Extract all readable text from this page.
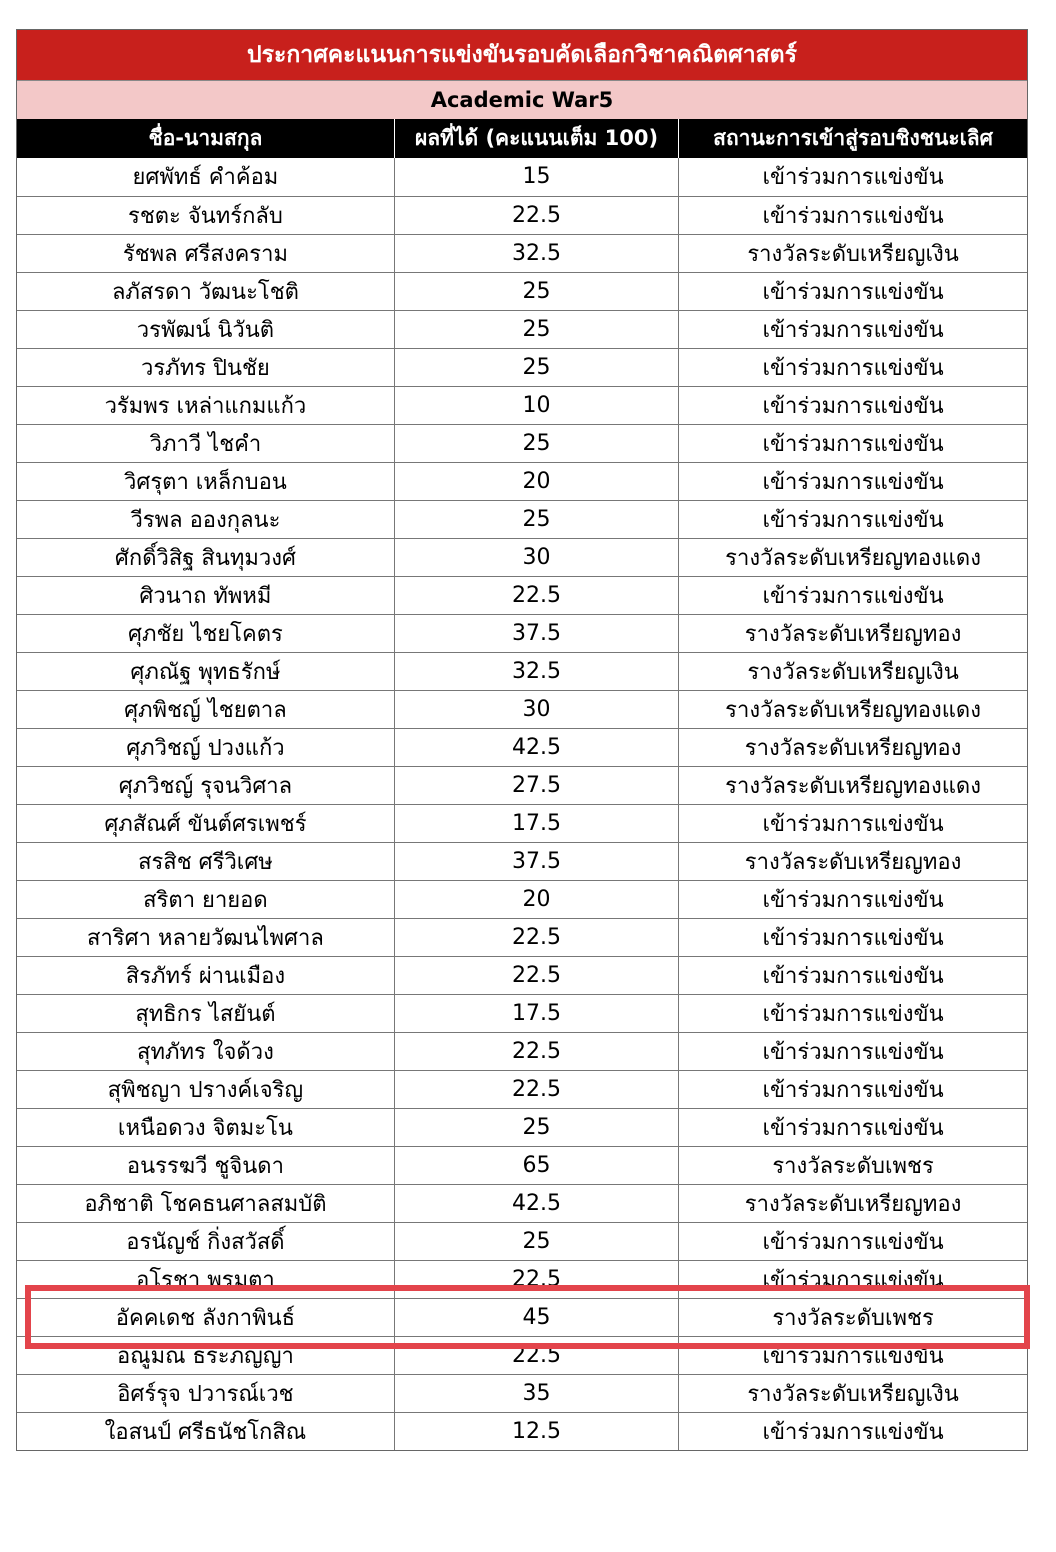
ประกาศคะแนนการแข่งขันรอบคัดเลือกวิชาคณิตศาสตร์
Academic War5
ชื่อ-นามสกุล	ผลที่ได้ (คะแนนเต็ม 100)	สถานะการเข้าสู่รอบชิงชนะเลิศ
ยศพัทธ์ คำค้อม	15	เข้าร่วมการแข่งขัน
รชตะ จันทร์กลับ	22.5	เข้าร่วมการแข่งขัน
รัชพล ศรีสงคราม	32.5	รางวัลระดับเหรียญเงิน
ลภัสรดา วัฒนะโชติ	25	เข้าร่วมการแข่งขัน
วรพัฒน์ นิวันติ	25	เข้าร่วมการแข่งขัน
วรภัทร ปินชัย	25	เข้าร่วมการแข่งขัน
วรัมพร เหล่าแกมแก้ว	10	เข้าร่วมการแข่งขัน
วิภาวี ไชคำ	25	เข้าร่วมการแข่งขัน
วิศรุตา เหล็กบอน	20	เข้าร่วมการแข่งขัน
วีรพล อองกุลนะ	25	เข้าร่วมการแข่งขัน
ศักดิ์วิสิฐ สินทุมวงศ์	30	รางวัลระดับเหรียญทองแดง
ศิวนาถ ทัพหมี	22.5	เข้าร่วมการแข่งขัน
ศุภชัย ไชยโคตร	37.5	รางวัลระดับเหรียญทอง
ศุภณัฐ พุทธรักษ์	32.5	รางวัลระดับเหรียญเงิน
ศุภพิชญ์ ไชยตาล	30	รางวัลระดับเหรียญทองแดง
ศุภวิชญ์ ปวงแก้ว	42.5	รางวัลระดับเหรียญทอง
ศุภวิชญ์ รุจนวิศาล	27.5	รางวัลระดับเหรียญทองแดง
ศุภสัณศ์ ขันต์ศรเพชร์	17.5	เข้าร่วมการแข่งขัน
สรสิช ศรีวิเศษ	37.5	รางวัลระดับเหรียญทอง
สริตา ยายอด	20	เข้าร่วมการแข่งขัน
สาริศา หลายวัฒนไพศาล	22.5	เข้าร่วมการแข่งขัน
สิรภัทร์ ผ่านเมือง	22.5	เข้าร่วมการแข่งขัน
สุทธิกร ไสยันต์	17.5	เข้าร่วมการแข่งขัน
สุทภัทร ใจด้วง	22.5	เข้าร่วมการแข่งขัน
สุพิชญา ปรางค์เจริญ	22.5	เข้าร่วมการแข่งขัน
เหนือดวง จิตมะโน	25	เข้าร่วมการแข่งขัน
อนรรฆวี ชูจินดา	65	รางวัลระดับเพชร
อภิชาติ โชคธนศาลสมบัติ	42.5	รางวัลระดับเหรียญทอง
อรนัญช์ กิ่งสวัสดิ์	25	เข้าร่วมการแข่งขัน
อโรชา พรมตา	22.5	เข้าร่วมการแข่งขัน
อัคคเดช ลังกาพินธ์	45	รางวัลระดับเพชร
อณูมณ ธระภญญา	22.5	เข้าร่วมการแข่งขัน
อิศร์รุจ ปวารณ์เวช	35	รางวัลระดับเหรียญเงิน
ใอสนป์ ศรีธนัชโกสิณ	12.5	เข้าร่วมการแข่งขัน
